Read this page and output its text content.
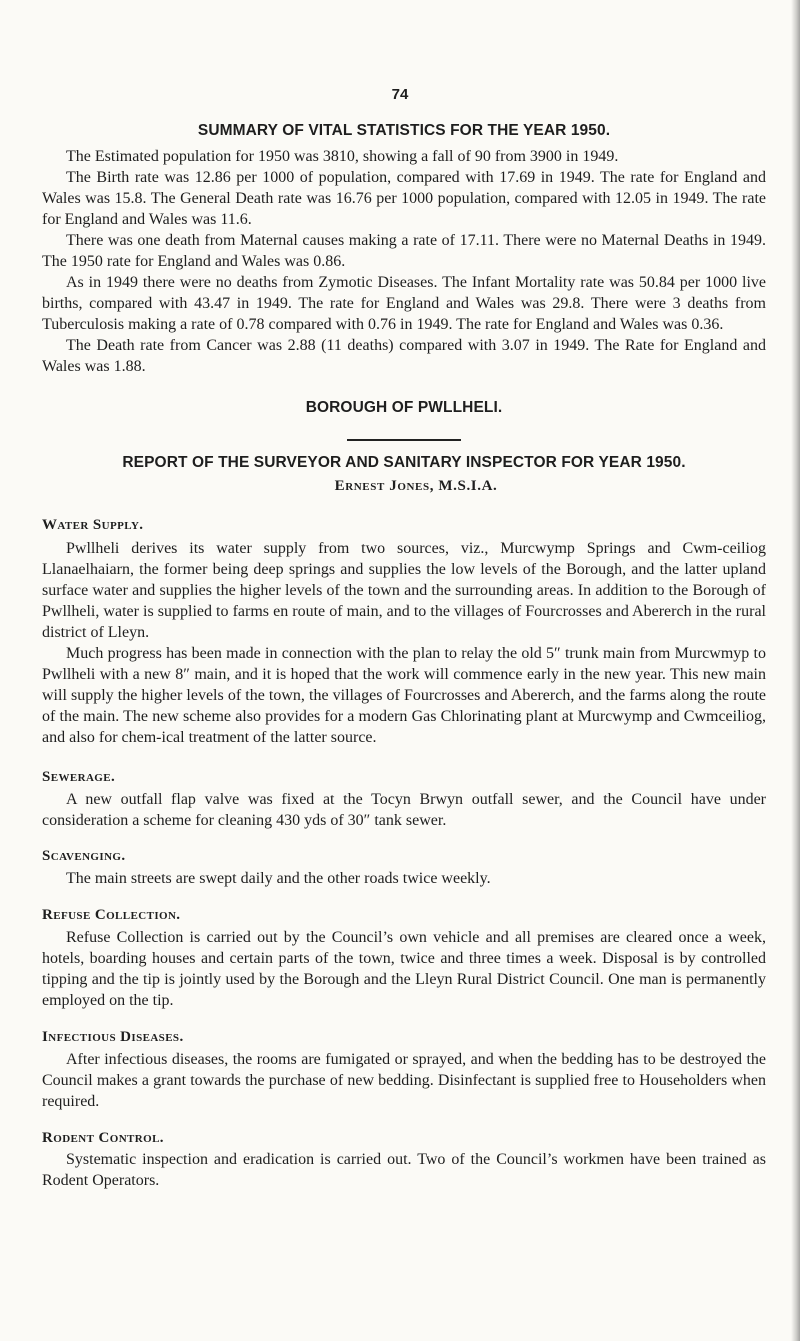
74
SUMMARY OF VITAL STATISTICS FOR THE YEAR 1950.

The Estimated population for 1950 was 3810, showing a fall of 90 from 3900 in 1949.

The Birth rate was 12.86 per 1000 of population, compared with 17.69 in 1949. The rate for England and Wales was 15.8. The General Death rate was 16.76 per 1000 population, compared with 12.05 in 1949. The rate for England and Wales was 11.6.

There was one death from Maternal causes making a rate of 17.11. There were no Maternal Deaths in 1949. The 1950 rate for England and Wales was 0.86.

As in 1949 there were no deaths from Zymotic Diseases. The Infant Mortality rate was 50.84 per 1000 live births, compared with 43.47 in 1949. The rate for England and Wales was 29.8. There were 3 deaths from Tuberculosis making a rate of 0.78 compared with 0.76 in 1949. The rate for England and Wales was 0.36.

The Death rate from Cancer was 2.88 (11 deaths) compared with 3.07 in 1949. The Rate for England and Wales was 1.88.

BOROUGH OF PWLLHELI.
REPORT OF THE SURVEYOR AND SANITARY INSPECTOR FOR YEAR 1950.

Ernest Jones, M.S.I.A.

Water Supply.

Pwllheli derives its water supply from two sources, viz., Murcwymp Springs and Cwm-ceiliog Llanaelhaiarn, the former being deep springs and supplies the low levels of the Borough, and the latter upland surface water and supplies the higher levels of the town and the surrounding areas. In addition to the Borough of Pwllheli, water is supplied to farms en route of main, and to the villages of Fourcrosses and Abererch in the rural district of Lleyn.

Much progress has been made in connection with the plan to relay the old 5″ trunk main from Murcwmyp to Pwllheli with a new 8″ main, and it is hoped that the work will commence early in the new year. This new main will supply the higher levels of the town, the villages of Fourcrosses and Abererch, and the farms along the route of the main. The new scheme also provides for a modern Gas Chlorinating plant at Murcwymp and Cwmceiliog, and also for chem-ical treatment of the latter source.

Sewerage.

A new outfall flap valve was fixed at the Tocyn Brwyn outfall sewer, and the Council have under consideration a scheme for cleaning 430 yds of 30″ tank sewer.

Scavenging.

The main streets are swept daily and the other roads twice weekly.

Refuse Collection.

Refuse Collection is carried out by the Council’s own vehicle and all premises are cleared once a week, hotels, boarding houses and certain parts of the town, twice and three times a week. Disposal is by controlled tipping and the tip is jointly used by the Borough and the Lleyn Rural District Council. One man is permanently employed on the tip.

Infectious Diseases.

After infectious diseases, the rooms are fumigated or sprayed, and when the bedding has to be destroyed the Council makes a grant towards the purchase of new bedding. Disinfectant is supplied free to Householders when required.

Rodent Control.

Systematic inspection and eradication is carried out. Two of the Council’s workmen have been trained as Rodent Operators.
